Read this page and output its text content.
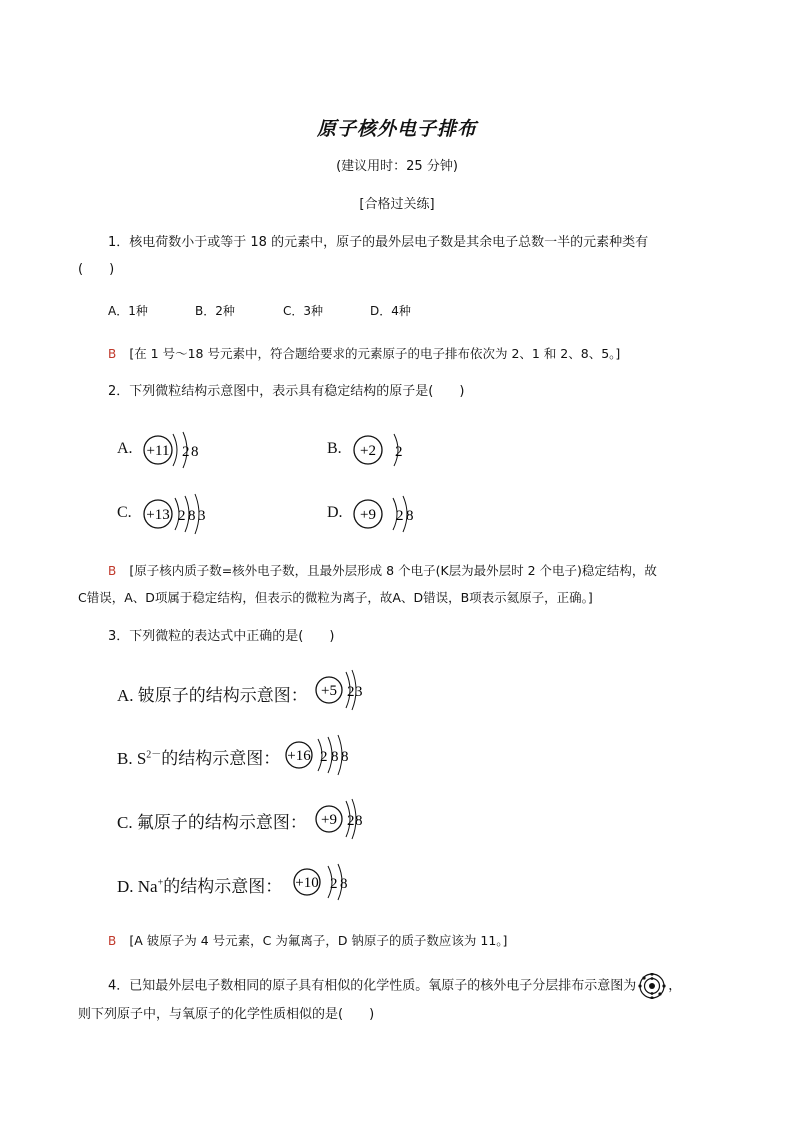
原子核外电子排布
(建议用时：25 分钟)
[合格过关练]
1．核电荷数小于或等于 18 的元素中，原子的最外层电子数是其余电子总数一半的元素种类有
(　　)
A．1种	B．2种	C．3种	D．4种
B [在 1 号～18 号元素中，符合题给要求的元素原子的电子排布依次为 2、1 和 2、8、5。]
2．下列微粒结构示意图中，表示具有稳定结构的原子是(　　)
A. +11 2 8	B. +2 2
C. +13 2 8 3	D. +9 2 8
B [原子核内质子数=核外电子数，且最外层形成 8 个电子(K层为最外层时 2 个电子)稳定结构，故
C错误，A、D项属于稳定结构，但表示的微粒为离子，故A、D错误，B项表示氦原子，正确。]
3．下列微粒的表达式中正确的是(　　)
A. 铍原子的结构示意图： +5 2 3
B. $S^{2-}$的结构示意图： +16 2 8 8
C. 氟原子的结构示意图： +9 2 8
D. Na+的结构示意图： +10 2 8
B [A 铍原子为 4 号元素，C 为氟离子，D 钠原子的质子数应该为 11。]
4．已知最外层电子数相同的原子具有相似的化学性质。氧原子的核外电子分层排布示意图为 ，
则下列原子中，与氧原子的化学性质相似的是(　　)
